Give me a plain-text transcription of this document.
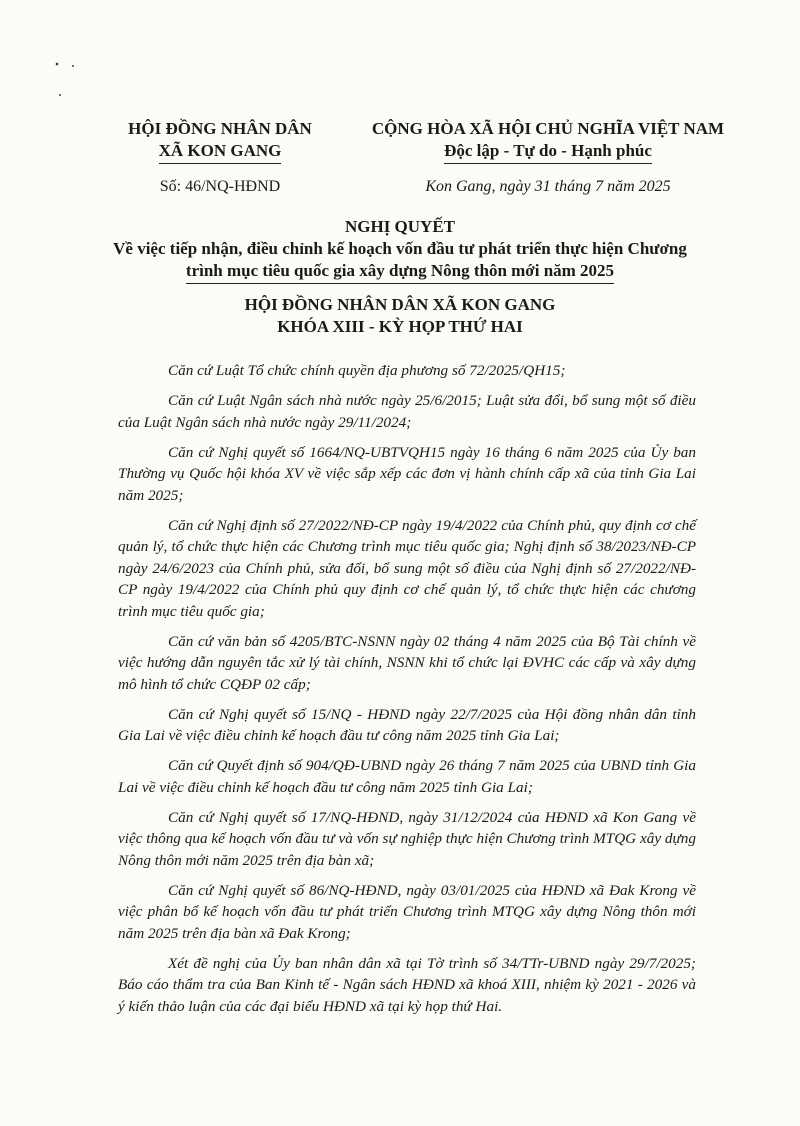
HỘI ĐỒNG NHÂN DÂN
XÃ KON GANG
Số: 46/NQ-HĐND
CỘNG HÒA XÃ HỘI CHỦ NGHĨA VIỆT NAM
Độc lập - Tự do - Hạnh phúc
Kon Gang, ngày 31 tháng 7 năm 2025
NGHỊ QUYẾT
Về việc tiếp nhận, điều chỉnh kế hoạch vốn đầu tư phát triển thực hiện Chương
trình mục tiêu quốc gia xây dựng Nông thôn mới năm 2025
HỘI ĐỒNG NHÂN DÂN XÃ KON GANG
KHÓA XIII - KỲ HỌP THỨ HAI

Căn cứ Luật Tổ chức chính quyền địa phương số 72/2025/QH15;

Căn cứ Luật Ngân sách nhà nước ngày 25/6/2015; Luật sửa đổi, bổ sung một số điều của Luật Ngân sách nhà nước ngày 29/11/2024;

Căn cứ Nghị quyết số 1664/NQ-UBTVQH15 ngày 16 tháng 6 năm 2025 của Ủy ban Thường vụ Quốc hội khóa XV về việc sắp xếp các đơn vị hành chính cấp xã của tỉnh Gia Lai năm 2025;

Căn cứ Nghị định số 27/2022/NĐ-CP ngày 19/4/2022 của Chính phủ, quy định cơ chế quản lý, tổ chức thực hiện các Chương trình mục tiêu quốc gia; Nghị định số 38/2023/NĐ-CP ngày 24/6/2023 của Chính phủ, sửa đổi, bổ sung một số điều của Nghị định số 27/2022/NĐ-CP ngày 19/4/2022 của Chính phủ quy định cơ chế quản lý, tổ chức thực hiện các chương trình mục tiêu quốc gia;

Căn cứ văn bản số 4205/BTC-NSNN ngày 02 tháng 4 năm 2025 của Bộ Tài chính về việc hướng dẫn nguyên tắc xử lý tài chính, NSNN khi tổ chức lại ĐVHC các cấp và xây dựng mô hình tổ chức CQĐP 02 cấp;

Căn cứ Nghị quyết số 15/NQ - HĐND ngày 22/7/2025 của Hội đồng nhân dân tỉnh Gia Lai về việc điều chỉnh kế hoạch đầu tư công năm 2025 tỉnh Gia Lai;

Căn cứ Quyết định số 904/QĐ-UBND ngày 26 tháng 7 năm 2025 của UBND tỉnh Gia Lai về việc điều chỉnh kế hoạch đầu tư công năm 2025 tỉnh Gia Lai;

Căn cứ Nghị quyết số 17/NQ-HĐND, ngày 31/12/2024 của HĐND xã Kon Gang về việc thông qua kế hoạch vốn đầu tư và vốn sự nghiệp thực hiện Chương trình MTQG xây dựng Nông thôn mới năm 2025 trên địa bàn xã;

Căn cứ Nghị quyết số 86/NQ-HĐND, ngày 03/01/2025 của HĐND xã Đak Krong về việc phân bổ kế hoạch vốn đầu tư phát triển Chương trình MTQG xây dựng Nông thôn mới năm 2025 trên địa bàn xã Đak Krong;

Xét đề nghị của Ủy ban nhân dân xã tại Tờ trình số 34/TTr-UBND ngày 29/7/2025; Báo cáo thẩm tra của Ban Kinh tế - Ngân sách HĐND xã khoá XIII, nhiệm kỳ 2021 - 2026 và ý kiến thảo luận của các đại biểu HĐND xã tại kỳ họp thứ Hai.
